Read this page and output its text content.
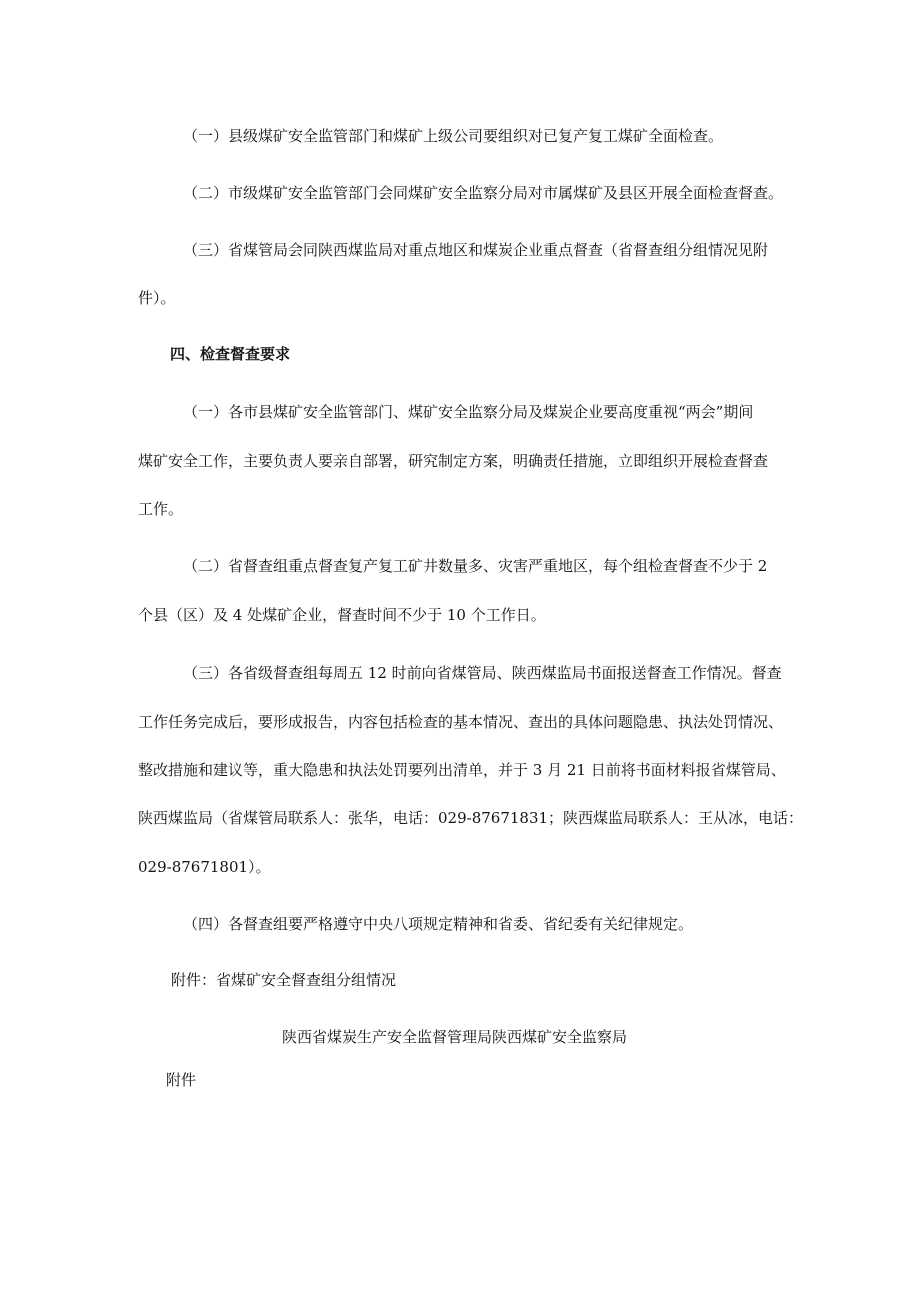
（一）县级煤矿安全监管部门和煤矿上级公司要组织对已复产复工煤矿全面检查。
（二）市级煤矿安全监管部门会同煤矿安全监察分局对市属煤矿及县区开展全面检查督查。
（三）省煤管局会同陕西煤监局对重点地区和煤炭企业重点督查（省督查组分组情况见附
件）。
四、检查督查要求
（一）各市县煤矿安全监管部门、煤矿安全监察分局及煤炭企业要高度重视“两会”期间
煤矿安全工作，主要负责人要亲自部署，研究制定方案，明确责任措施，立即组织开展检查督查
工作。
（二）省督查组重点督查复产复工矿井数量多、灾害严重地区，每个组检查督查不少于 2
个县（区）及 4 处煤矿企业，督查时间不少于 10 个工作日。
（三）各省级督查组每周五 12 时前向省煤管局、陕西煤监局书面报送督查工作情况。督查
工作任务完成后，要形成报告，内容包括检查的基本情况、查出的具体问题隐患、执法处罚情况、
整改措施和建议等，重大隐患和执法处罚要列出清单，并于 3 月 21 日前将书面材料报省煤管局、
陕西煤监局（省煤管局联系人：张华，电话：029-87671831；陕西煤监局联系人：王从冰，电话：
029-87671801）。
（四）各督查组要严格遵守中央八项规定精神和省委、省纪委有关纪律规定。
附件：省煤矿安全督查组分组情况
陕西省煤炭生产安全监督管理局陕西煤矿安全监察局
附件
